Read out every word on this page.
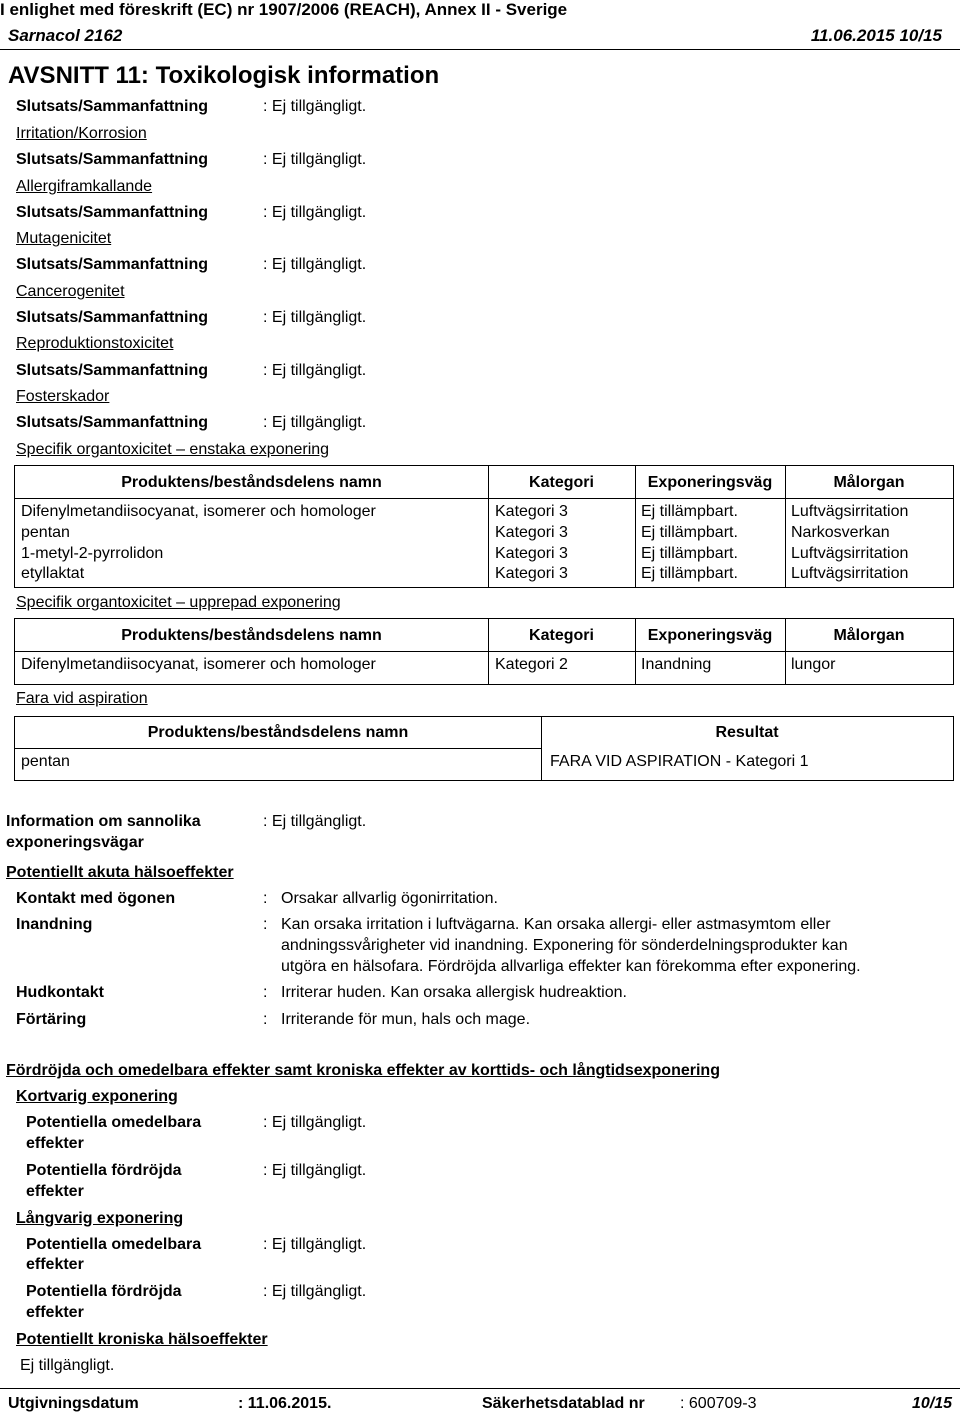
I enlighet med föreskrift (EC) nr 1907/2006 (REACH), Annex II - Sverige
Sarnacol 2162	11.06.2015 10/15
AVSNITT 11: Toxikologisk information
Slutsats/Sammanfattning	: Ej tillgängligt.
Irritation/Korrosion
Slutsats/Sammanfattning	: Ej tillgängligt.
Allergiframkallande
Slutsats/Sammanfattning	: Ej tillgängligt.
Mutagenicitet
Slutsats/Sammanfattning	: Ej tillgängligt.
Cancerogenitet
Slutsats/Sammanfattning	: Ej tillgängligt.
Reproduktionstoxicitet
Slutsats/Sammanfattning	: Ej tillgängligt.
Fosterskador
Slutsats/Sammanfattning	: Ej tillgängligt.
Specifik organtoxicitet – enstaka exponering
Produktens/beståndsdelens namn	Kategori	Exponeringsväg	Målorgan
Difenylmetandiisocyanat, isomerer och homologer	Kategori 3	Ej tillämpbart.	Luftvägsirritation
pentan	Kategori 3	Ej tillämpbart.	Narkosverkan
1-metyl-2-pyrrolidon	Kategori 3	Ej tillämpbart.	Luftvägsirritation
etyllaktat	Kategori 3	Ej tillämpbart.	Luftvägsirritation
Specifik organtoxicitet – upprepad exponering
Produktens/beståndsdelens namn	Kategori	Exponeringsväg	Målorgan
Difenylmetandiisocyanat, isomerer och homologer	Kategori 2	Inandning	lungor
Fara vid aspiration
Produktens/beståndsdelens namn	Resultat
pentan	FARA VID ASPIRATION - Kategori 1
Information om sannolika
exponeringsvägar
: Ej tillgängligt.
Potentiellt akuta hälsoeffekter
Kontakt med ögonen	: Orsakar allvarlig ögonirritation.
Inandning	: Kan orsaka irritation i luftvägarna. Kan orsaka allergi- eller astmasymtom eller
andningssvårigheter vid inandning. Exponering för sönderdelningsprodukter kan
utgöra en hälsofara. Fördröjda allvarliga effekter kan förekomma efter exponering.
Hudkontakt	: Irriterar huden. Kan orsaka allergisk hudreaktion.
Förtäring	: Irriterande för mun, hals och mage.
Fördröjda och omedelbara effekter samt kroniska effekter av korttids- och långtidsexponering
Kortvarig exponering
Potentiella omedelbara
effekter
: Ej tillgängligt.
Potentiella fördröjda
effekter
: Ej tillgängligt.
Långvarig exponering
Potentiella omedelbara
effekter
: Ej tillgängligt.
Potentiella fördröjda
effekter
: Ej tillgängligt.
Potentiellt kroniska hälsoeffekter
Ej tillgängligt.
Utgivningsdatum	: 11.06.2015.	Säkerhetsdatablad nr : 600709-3	10/15
